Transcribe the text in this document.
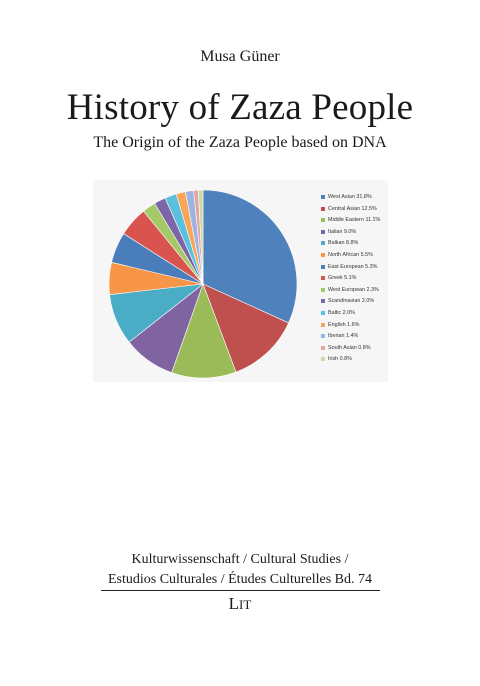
Musa Güner
History of Zaza People
The Origin of the Zaza People based on DNA
West Asian 31.8%
Central Asian 12.5%
Middle Eastern 11.1%
Italian 9.0%
Balkan 8.8%
North African 5.5%
East European 5.3%
Greek 5.1%
West European 2.3%
Scandinavian 2.0%
Baltic 2.0%
English 1.6%
Iberian 1.4%
South Asian 0.8%
Irish 0.8%
Kulturwissenschaft / Cultural Studies /
Estudios Culturales / Études Culturelles Bd. 74
LIT
